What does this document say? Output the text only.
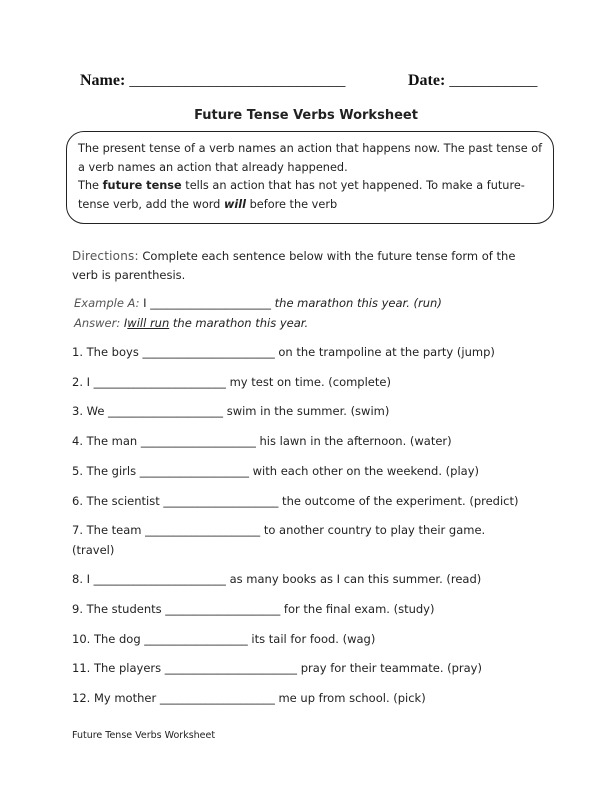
Name: ___________________________	Date: ___________
Future Tense Verbs Worksheet
The present tense of a verb names an action that happens now. The past tense of
a verb names an action that already happened.
The future tense tells an action that has not yet happened. To make a future-
tense verb, add the word will before the verb
Directions: Complete each sentence below with the future tense form of the verb is parenthesis.
Example A: I _____________________ the marathon this year. (run)
Answer: Iwill run the marathon this year.
1. The boys _______________________ on the trampoline at the party (jump)
2. I _______________________ my test on time. (complete)
3. We ____________________ swim in the summer. (swim)
4. The man ____________________ his lawn in the afternoon. (water)
5. The girls ___________________ with each other on the weekend. (play)
6. The scientist ____________________ the outcome of the experiment. (predict)
7. The team ____________________ to another country to play their game.
(travel)
8. I _______________________ as many books as I can this summer. (read)
9. The students ____________________ for the final exam. (study)
10. The dog __________________ its tail for food. (wag)
11. The players _______________________ pray for their teammate. (pray)
12. My mother ____________________ me up from school. (pick)
Future Tense Verbs Worksheet
